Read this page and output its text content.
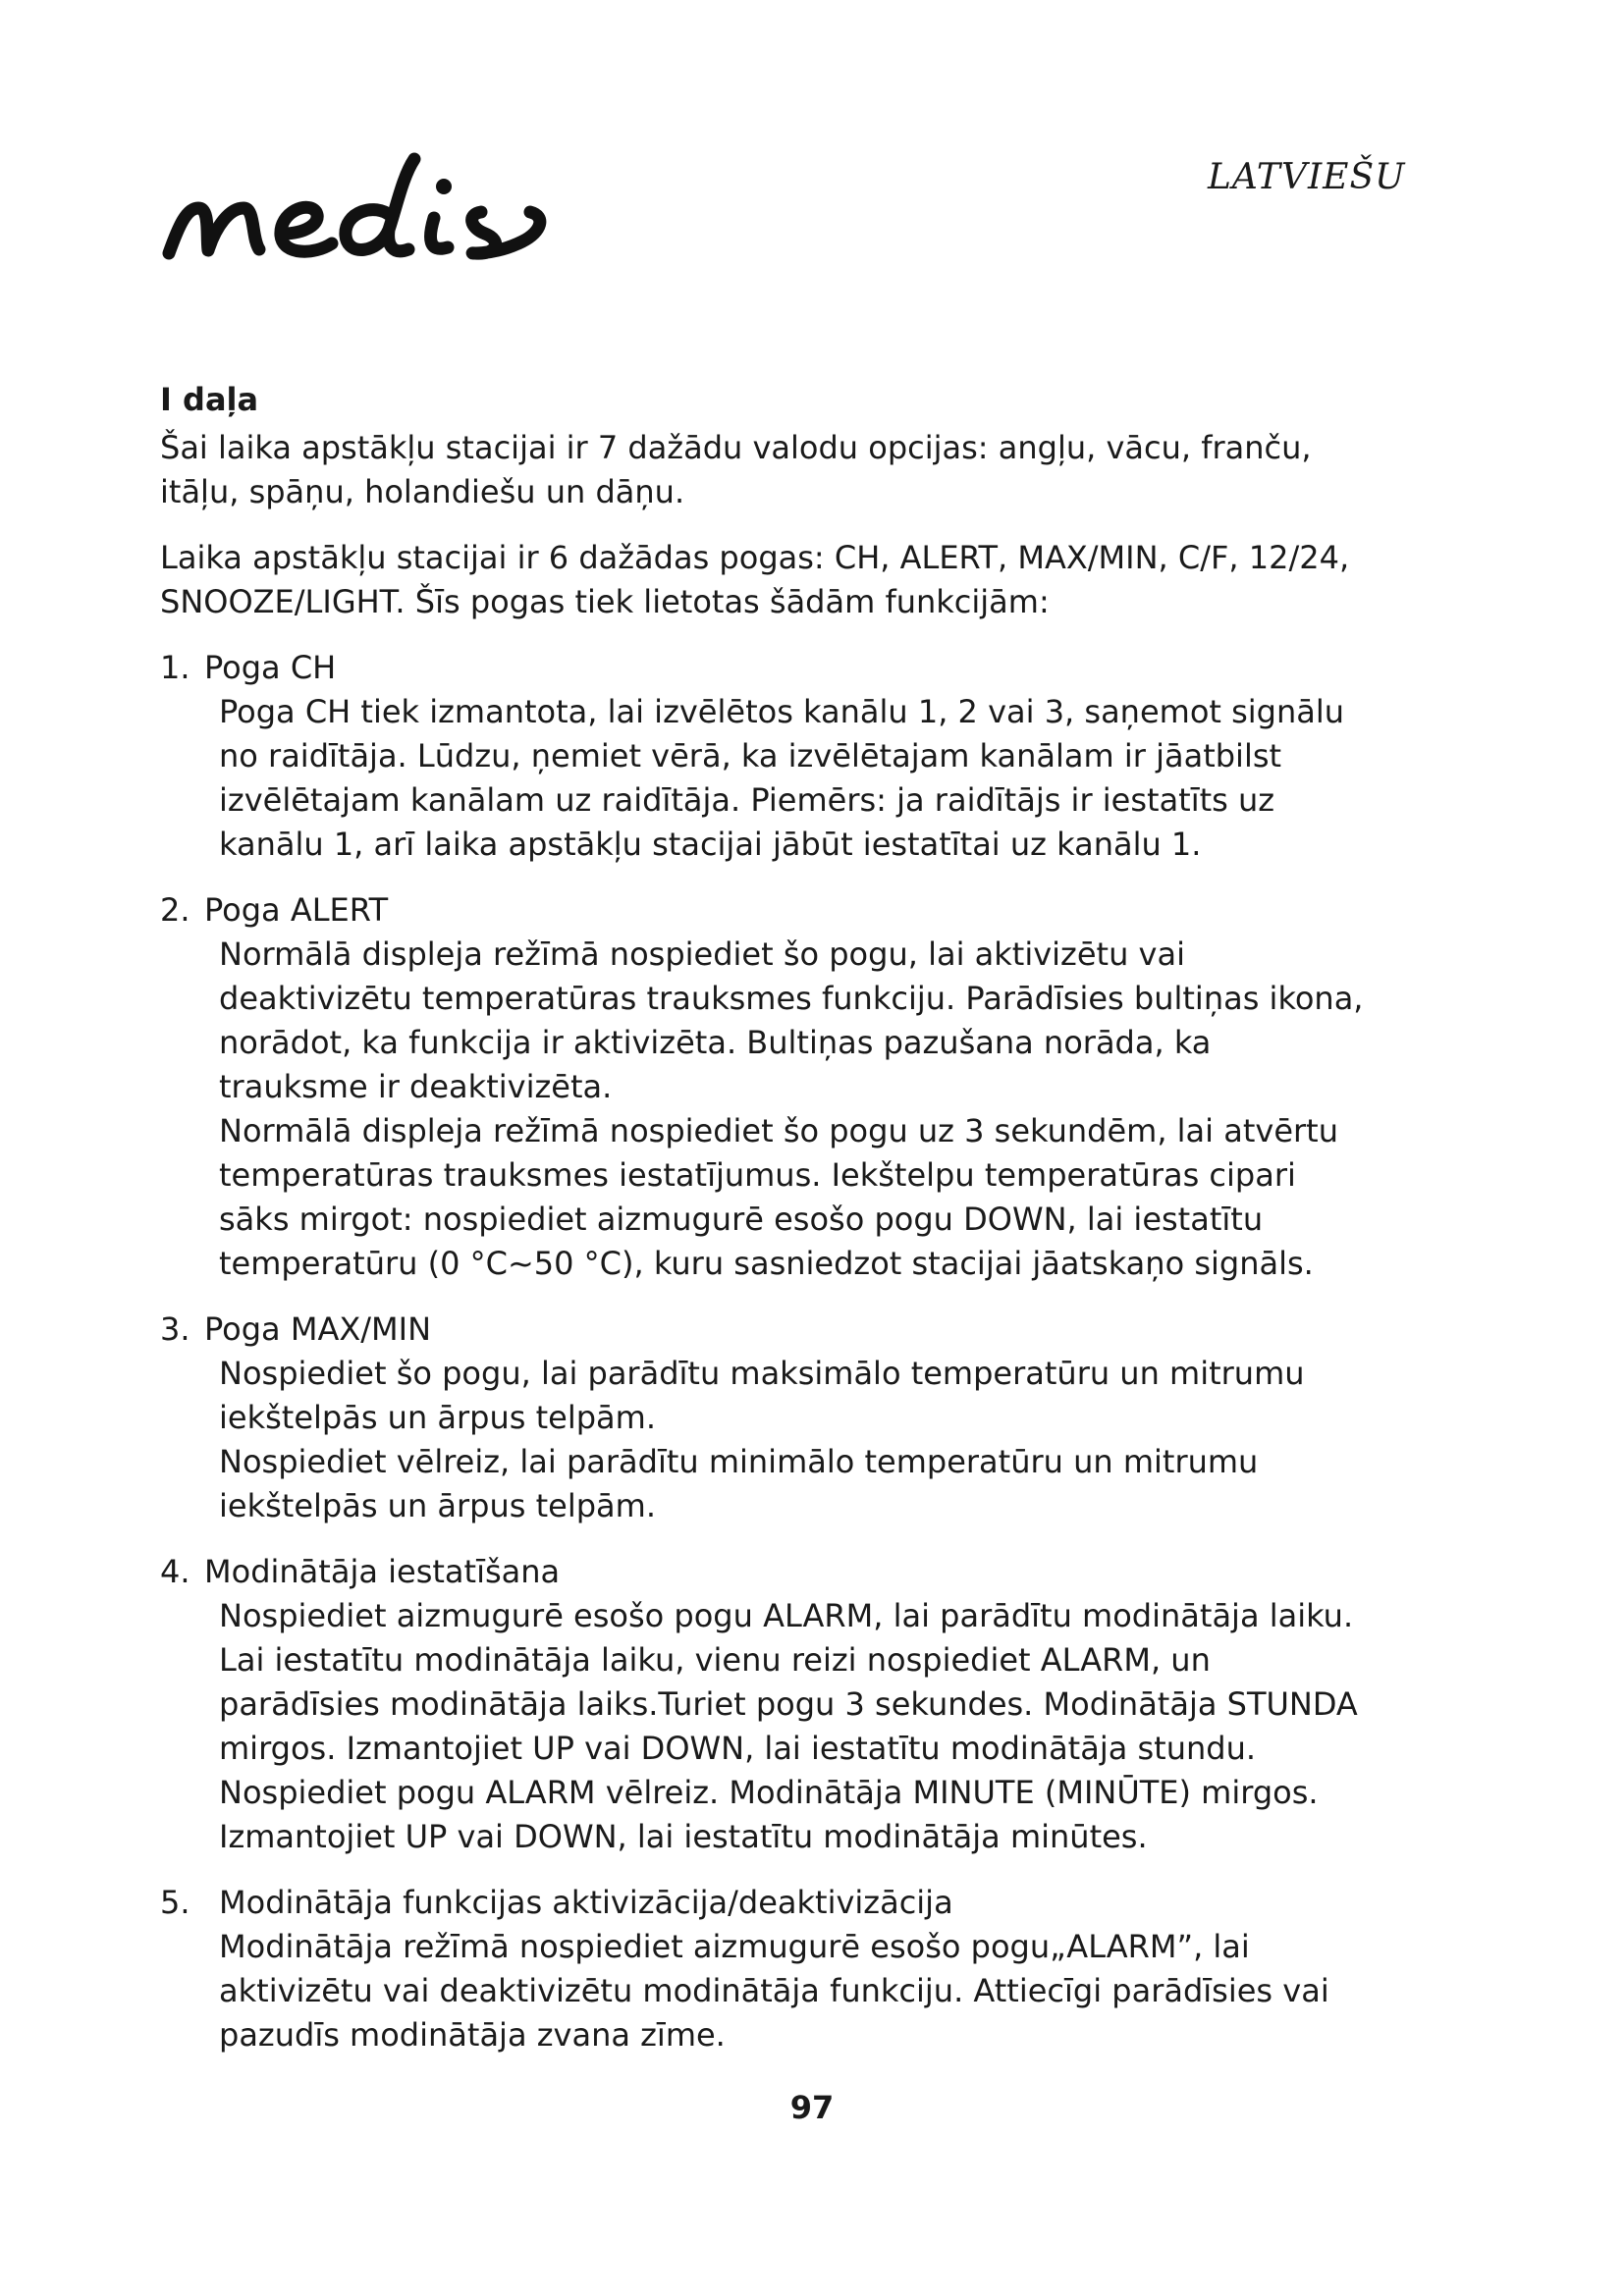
LATVIEŠU
I daļa

Šai laika apstākļu stacijai ir 7 dažādu valodu opcijas: angļu, vācu, franču, itāļu, spāņu, holandiešu un dāņu.

Laika apstākļu stacijai ir 6 dažādas pogas: CH, ALERT, MAX/MIN, C/F, 12/24, SNOOZE/LIGHT. Šīs pogas tiek lietotas šādām funkcijām:

1. Poga CH

Poga CH tiek izmantota, lai izvēlētos kanālu 1, 2 vai 3, saņemot signālu no raidītāja. Lūdzu, ņemiet vērā, ka izvēlētajam kanālam ir jāatbilst izvēlētajam kanālam uz raidītāja. Piemērs: ja raidītājs ir iestatīts uz kanālu 1, arī laika apstākļu stacijai jābūt iestatītai uz kanālu 1.

2. Poga ALERT

Normālā displeja režīmā nospiediet šo pogu, lai aktivizētu vai deaktivizētu temperatūras trauksmes funkciju. Parādīsies bultiņas ikona, norādot, ka funkcija ir aktivizēta. Bultiņas pazušana norāda, ka trauksme ir deaktivizēta.

Normālā displeja režīmā nospiediet šo pogu uz 3 sekundēm, lai atvērtu temperatūras trauksmes iestatījumus. Iekštelpu temperatūras cipari sāks mirgot: nospiediet aizmugurē esošo pogu DOWN, lai iestatītu temperatūru (0 °C~50 °C), kuru sasniedzot stacijai jāatskaņo signāls.

3. Poga MAX/MIN

Nospiediet šo pogu, lai parādītu maksimālo temperatūru un mitrumu iekštelpās un ārpus telpām.

Nospiediet vēlreiz, lai parādītu minimālo temperatūru un mitrumu iekštelpās un ārpus telpām.

4. Modinātāja iestatīšana

Nospiediet aizmugurē esošo pogu ALARM, lai parādītu modinātāja laiku.

Lai iestatītu modinātāja laiku, vienu reizi nospiediet ALARM, un parādīsies modinātāja laiks.Turiet pogu 3 sekundes. Modinātāja STUNDA mirgos. Izmantojiet UP vai DOWN, lai iestatītu modinātāja stundu.

Nospiediet pogu ALARM vēlreiz. Modinātāja MINUTE (MINŪTE) mirgos. Izmantojiet UP vai DOWN, lai iestatītu modinātāja minūtes.

5. Modinātāja funkcijas aktivizācija/deaktivizācija

Modinātāja režīmā nospiediet aizmugurē esošo pogu„ALARM”, lai aktivizētu vai deaktivizētu modinātāja funkciju. Attiecīgi parādīsies vai pazudīs modinātāja zvana zīme.

97
